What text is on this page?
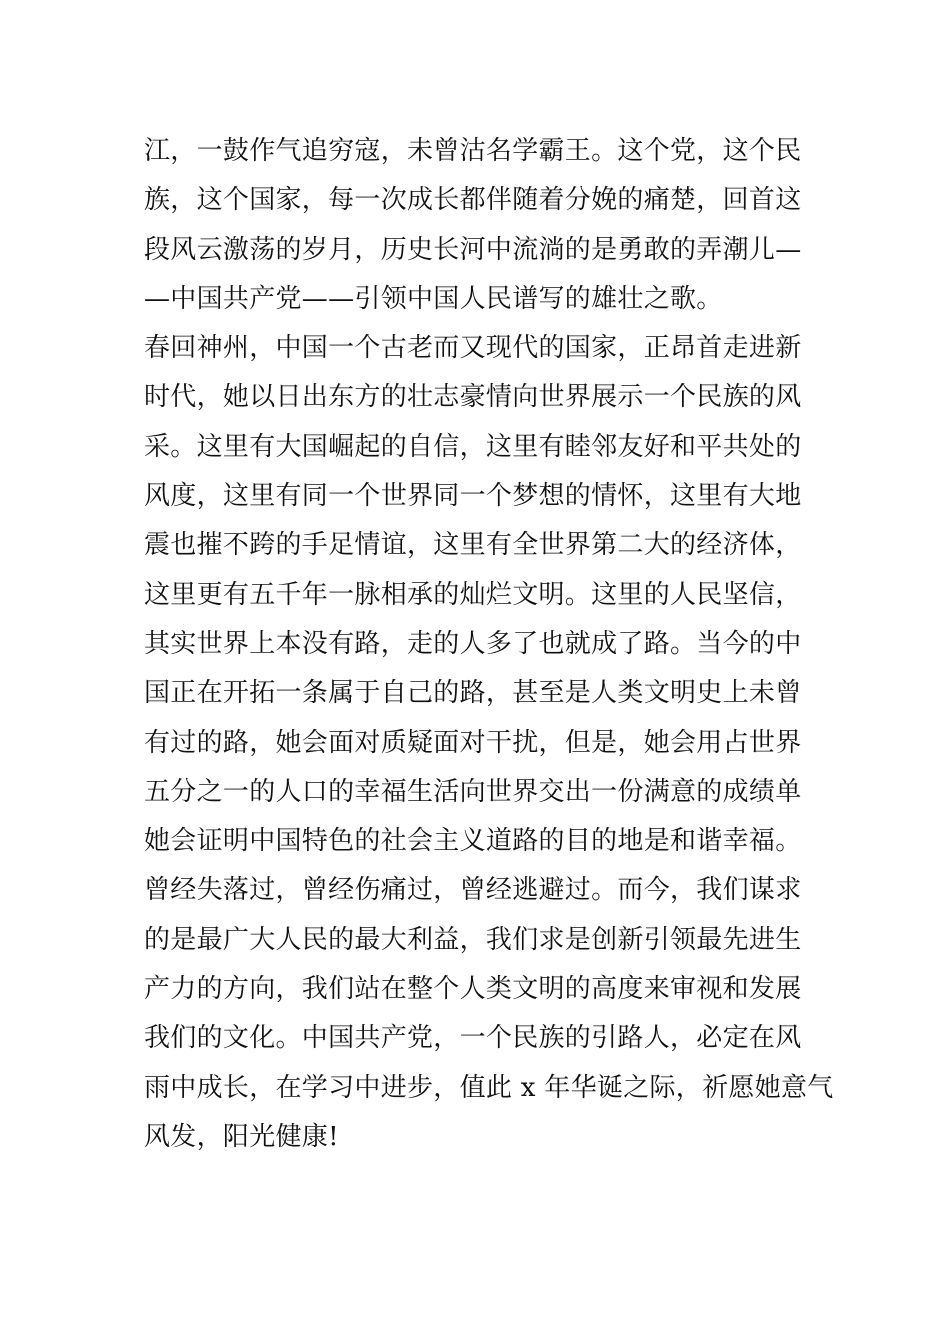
江，一鼓作气追穷寇，未曾沽名学霸王。这个党，这个民
族，这个国家，每一次成长都伴随着分娩的痛楚，回首这
段风云激荡的岁月，历史长河中流淌的是勇敢的弄潮儿—
—中国共产党——引领中国人民谱写的雄壮之歌。

春回神州，中国一个古老而又现代的国家，正昂首走进新
时代，她以日出东方的壮志豪情向世界展示一个民族的风
采。这里有大国崛起的自信，这里有睦邻友好和平共处的
风度，这里有同一个世界同一个梦想的情怀，这里有大地
震也摧不跨的手足情谊，这里有全世界第二大的经济体，
这里更有五千年一脉相承的灿烂文明。这里的人民坚信，
其实世界上本没有路，走的人多了也就成了路。当今的中
国正在开拓一条属于自己的路，甚至是人类文明史上未曾
有过的路，她会面对质疑面对干扰，但是，她会用占世界
五分之一的人口的幸福生活向世界交出一份满意的成绩单
她会证明中国特色的社会主义道路的目的地是和谐幸福。

曾经失落过，曾经伤痛过，曾经逃避过。而今，我们谋求
的是最广大人民的最大利益，我们求是创新引领最先进生
产力的方向，我们站在整个人类文明的高度来审视和发展
我们的文化。中国共产党，一个民族的引路人，必定在风
雨中成长，在学习中进步，值此 x 年华诞之际，祈愿她意气
风发，阳光健康!
